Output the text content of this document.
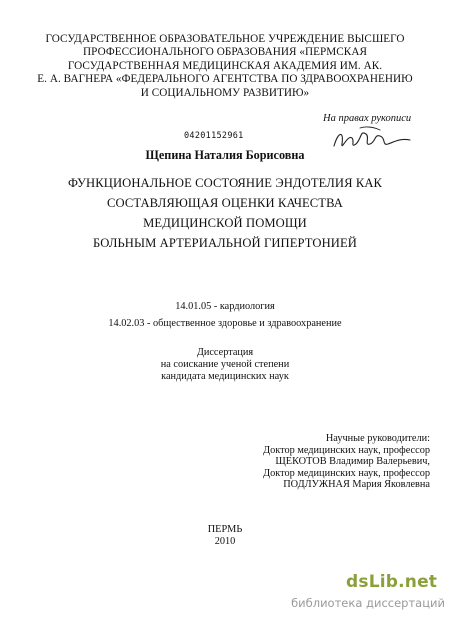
ГОСУДАРСТВЕННОЕ ОБРАЗОВАТЕЛЬНОЕ УЧРЕЖДЕНИЕ ВЫСШЕГО
ПРОФЕССИОНАЛЬНОГО ОБРАЗОВАНИЯ «ПЕРМСКАЯ
ГОСУДАРСТВЕННАЯ МЕДИЦИНСКАЯ АКАДЕМИЯ ИМ. АК.
Е. А. ВАГНЕРА «ФЕДЕРАЛЬНОГО АГЕНТСТВА ПО ЗДРАВООХРАНЕНИЮ
И СОЦИАЛЬНОМУ РАЗВИТИЮ»
На правах рукописи
04201152961
Щепина Наталия Борисовна
ФУНКЦИОНАЛЬНОЕ СОСТОЯНИЕ ЭНДОТЕЛИЯ КАК
СОСТАВЛЯЮЩАЯ ОЦЕНКИ КАЧЕСТВА
МЕДИЦИНСКОЙ ПОМОЩИ
БОЛЬНЫМ АРТЕРИАЛЬНОЙ ГИПЕРТОНИЕЙ
14.01.05 - кардиология
14.02.03 - общественное здоровье и здравоохранение
Диссертация
на соискание ученой степени
кандидата медицинских наук
Научные руководители:
Доктор медицинских наук, профессор
ЩЕКОТОВ Владимир Валерьевич,
Доктор медицинских наук, профессор
ПОДЛУЖНАЯ Мария Яковлевна
ПЕРМЬ
2010
dsLib.net
библиотека диссертаций
